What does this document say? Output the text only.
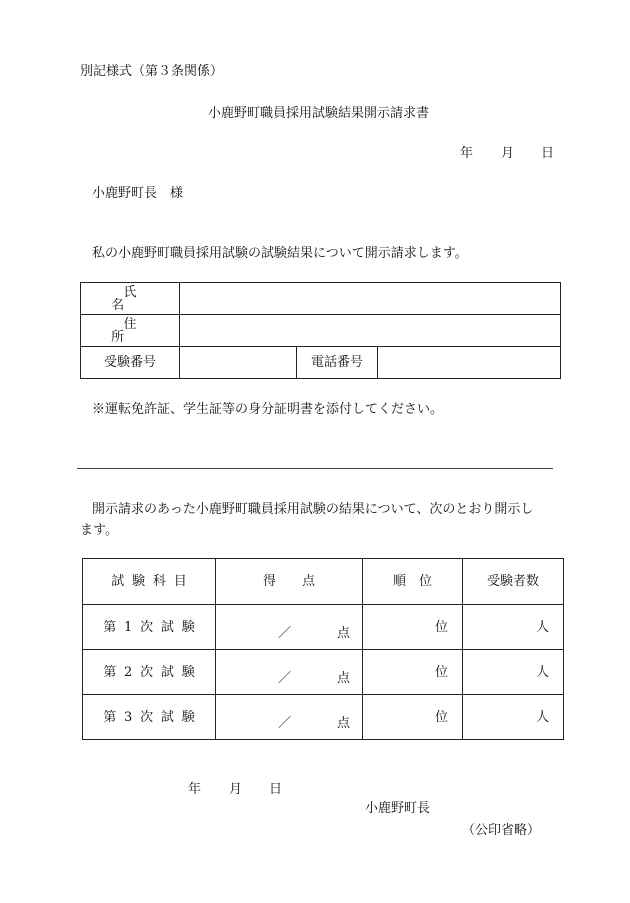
別記様式（第３条関係）
小鹿野町職員採用試験結果開示請求書
年 月 日
小鹿野町長　様
私の小鹿野町職員採用試験の試験結果について開示請求します。
氏名			
住所			
受験番号		電話番号	
※運転免許証、学生証等の身分証明書を添付してください。
開示請求のあった小鹿野町職員採用試験の結果について、次のとおり開示し
ます。
試験科目	得　　点	順　位	受験者数
第1次試験	／ 点	位	人
第2次試験	／ 点	位	人
第3次試験	／ 点	位	人
年 月 日
小鹿野町長
（公印省略）
